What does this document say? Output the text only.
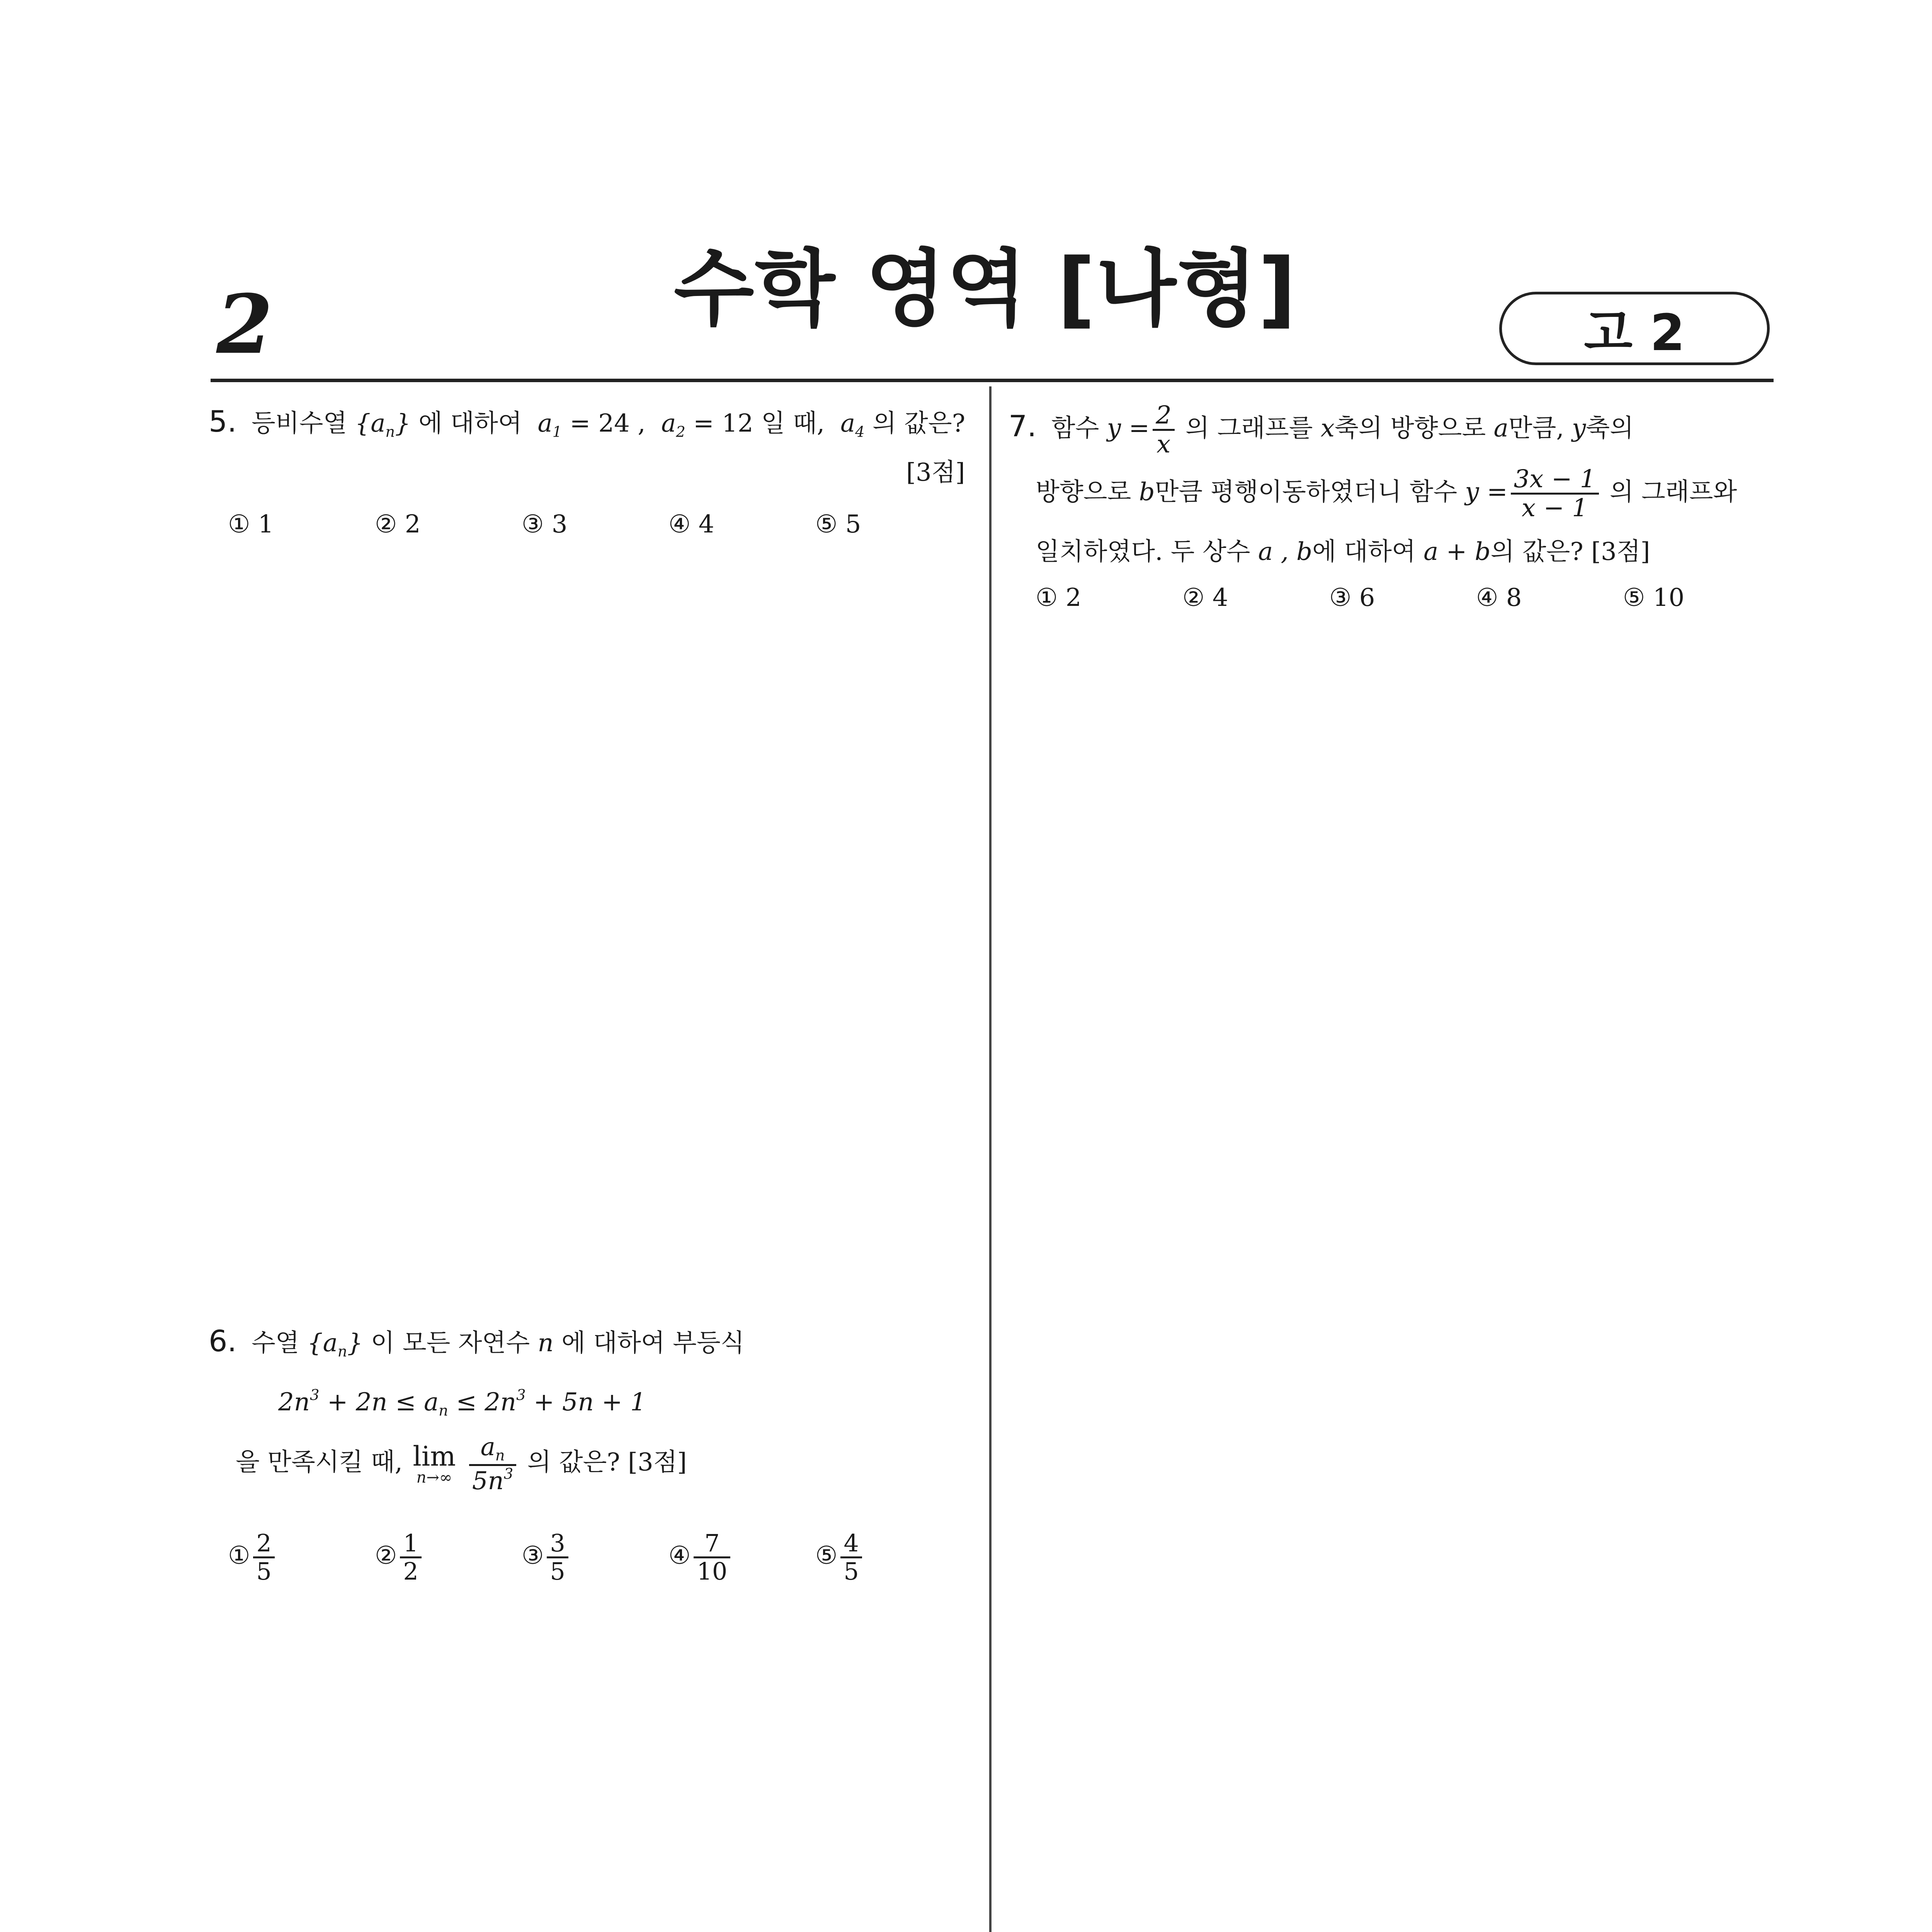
2	수학 영역 [나형]	고 2
5. 등비수열 $\{a_n\}$ 에 대하여 $a_1 = 24$ , $a_2 = 12$ 일 때, $a_4$ 의 값은?
[3점]
① 1	② 2	③ 3	④ 4	⑤ 5
6. 수열 $\{a_n\}$ 이 모든 자연수 n 에 대하여 부등식
$2n^3 + 2n \le a_n \le 2n^3 + 5n + 1$
을 만족시킬 때, lim
n→∞
$\frac{a_n}{5n^3}$ 의 값은? [3점]
① $\frac{2}{5}$	② $\frac{1}{2}$	③ $\frac{3}{5}$	④ $\frac{7}{10}$	⑤ $\frac{4}{5}$
7. 함수 $y = \frac{2}{x}$ 의 그래프를 x축의 방향으로 a만큼, y축의
방향으로 b만큼 평행이동하였더니 함수 $y = \frac{3x - 1}{x - 1}$ 의 그래프와
일치하였다. 두 상수 a , b에 대하여 a + b의 값은? [3점]
① 2	② 4	③ 6	④ 8	⑤ 10
